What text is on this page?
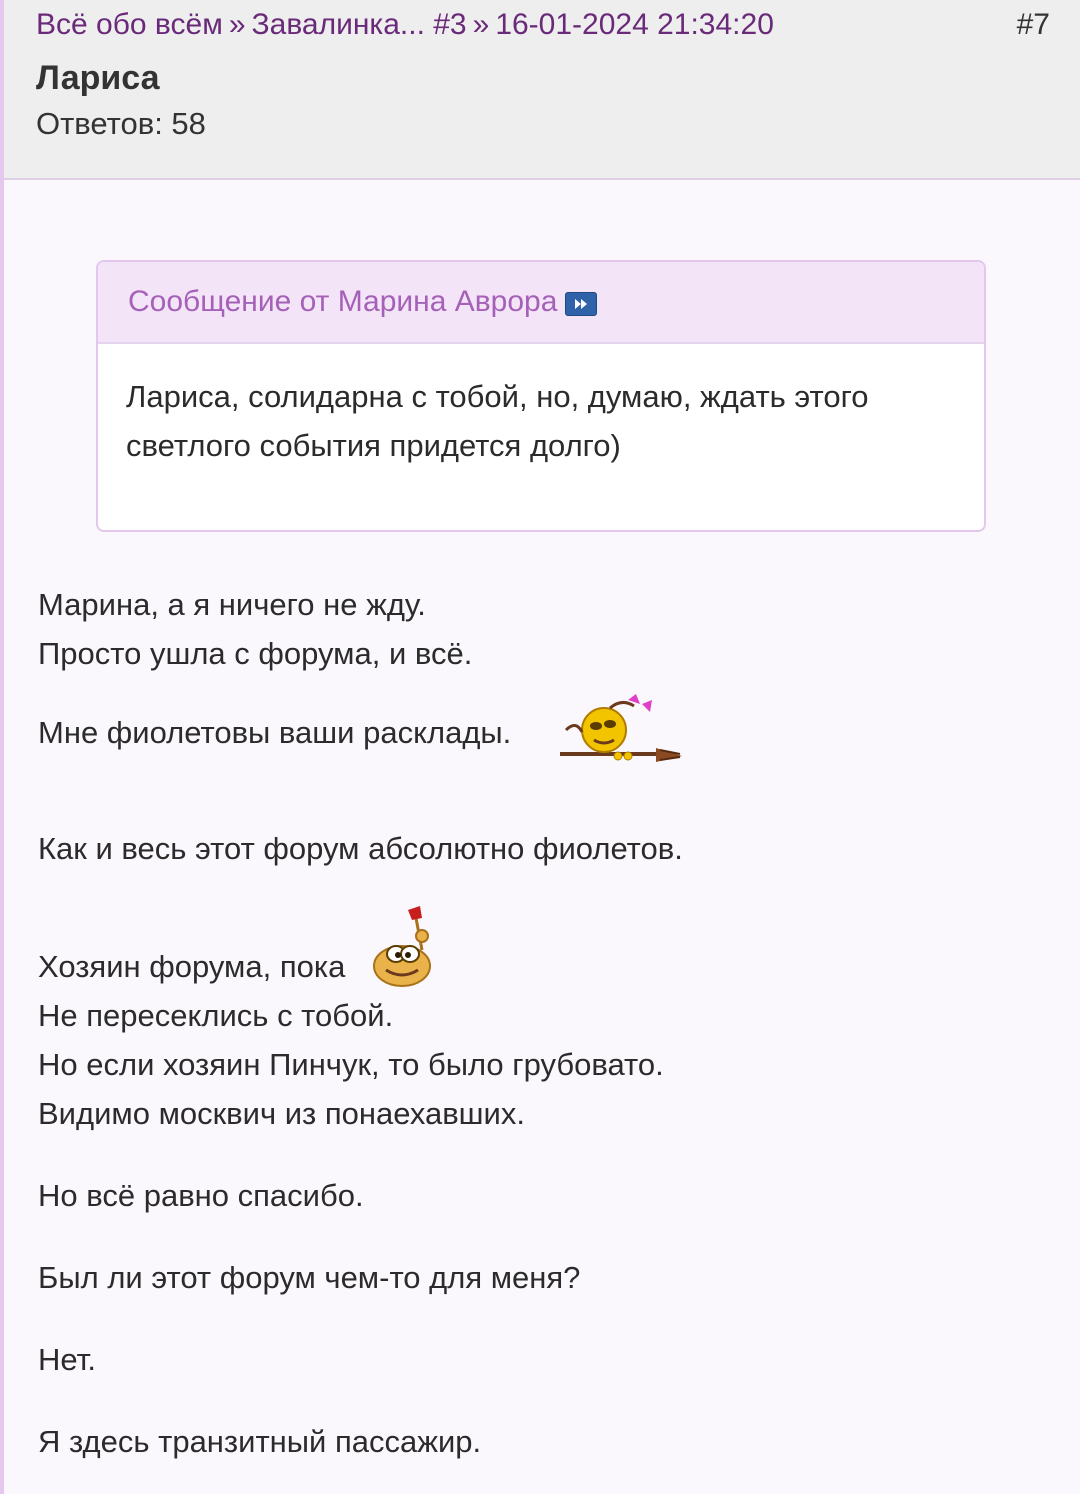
Всё обо всём » Завалинка... #3 » 16-01-2024 21:34:20	#7
Лариса
Ответов: 58
Сообщение от Марина Аврора
Лариса, солидарна с тобой, но, думаю, ждать этого светлого события придется долго)
Марина, а я ничего не жду.
Просто ушла с форума, и всё.
Мне фиолетовы ваши расклады.
Как и весь этот форум абсолютно фиолетов.
Хозяин форума, пока
Не пересеклись с тобой.
Но если хозяин Пинчук, то было грубовато.
Видимо москвич из понаехавших.
Но всё равно спасибо.
Был ли этот форум чем-то для меня?
Нет.
Я здесь транзитный пассажир.
